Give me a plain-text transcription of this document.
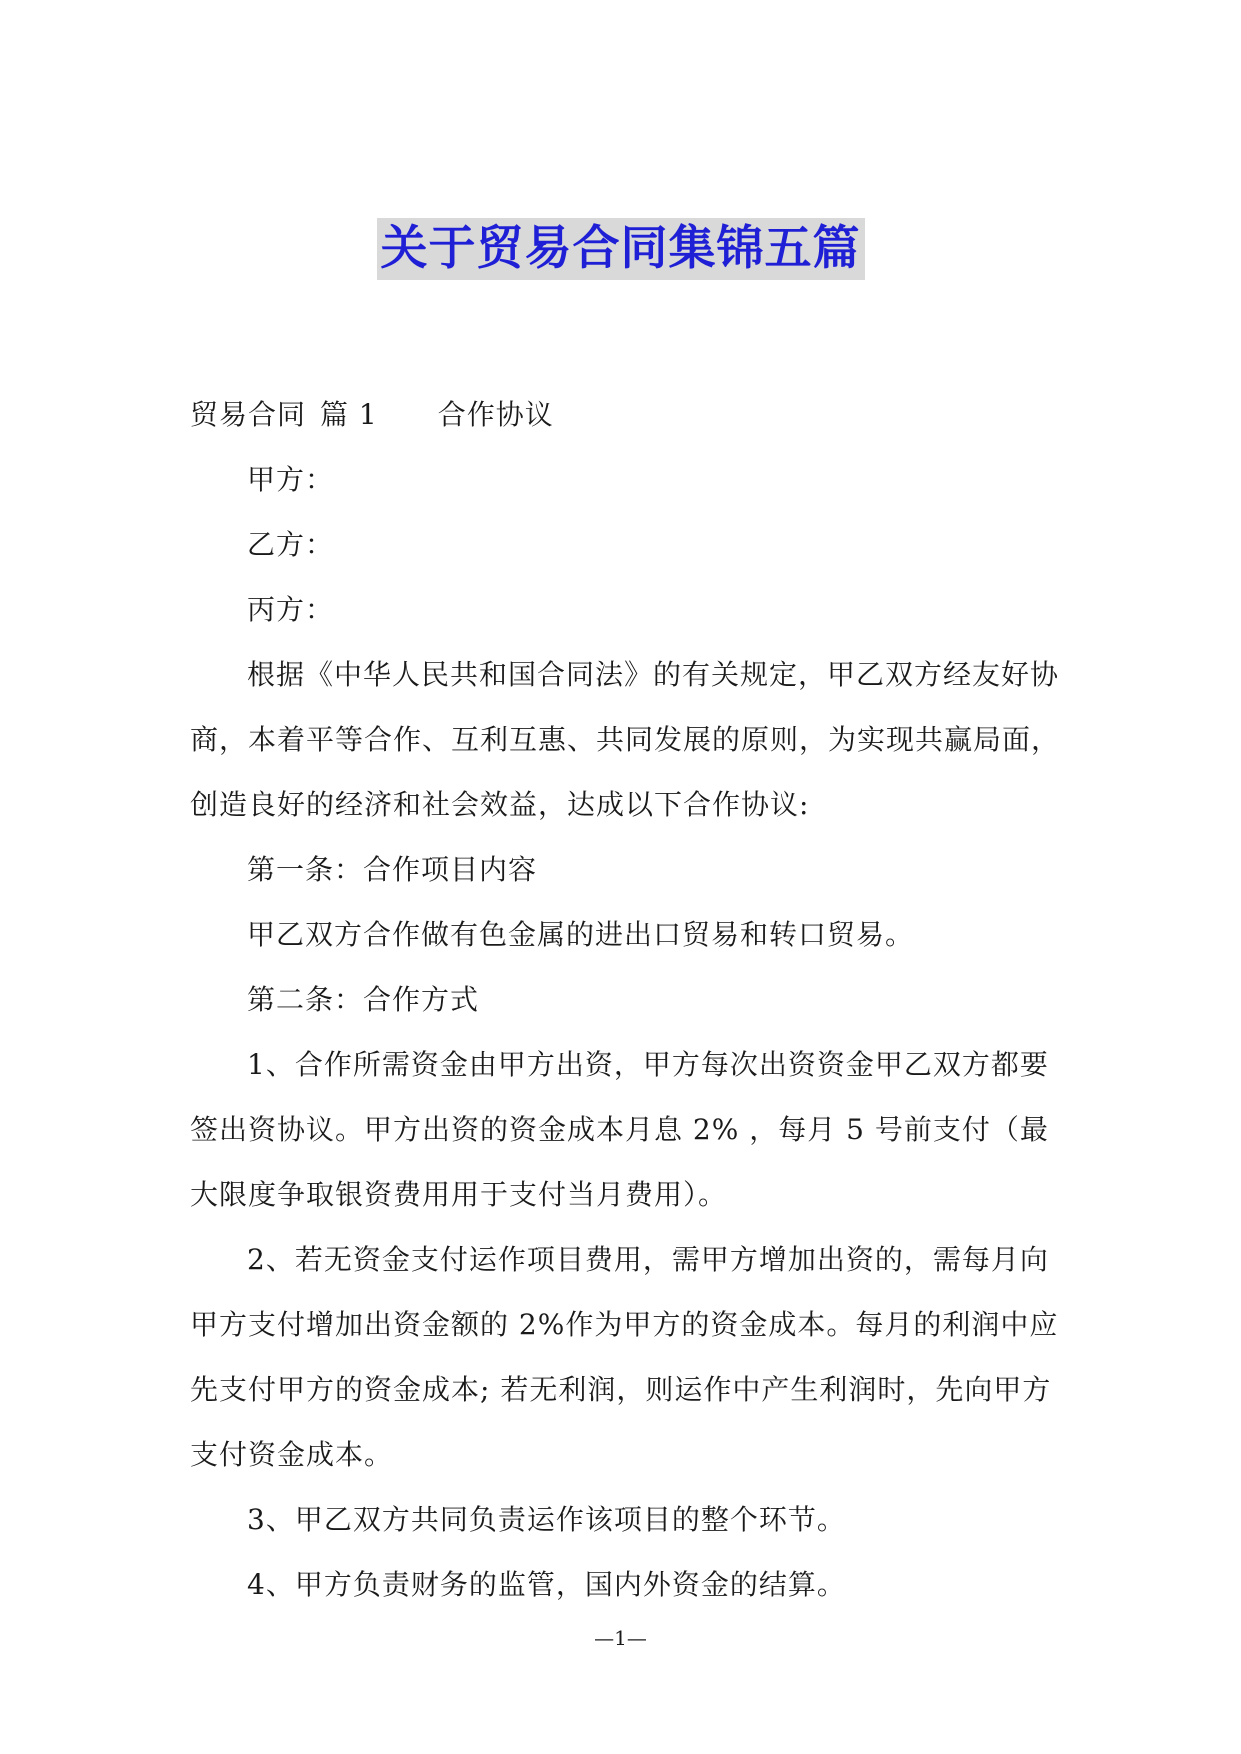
关于贸易合同集锦五篇
贸易合同 篇 1 合作协议
甲方：
乙方：
丙方：
根据《中华人民共和国合同法》的有关规定，甲乙双方经友好协
商，本着平等合作、互利互惠、共同发展的原则，为实现共赢局面，
创造良好的经济和社会效益，达成以下合作协议:
第一条：合作项目内容
甲乙双方合作做有色金属的进出口贸易和转口贸易。
第二条：合作方式
1、合作所需资金由甲方出资，甲方每次出资资金甲乙双方都要
签出资协议。甲方出资的资金成本月息 2% ，每月 5 号前支付（最
大限度争取银资费用用于支付当月费用）。
2、若无资金支付运作项目费用，需甲方增加出资的，需每月向
甲方支付增加出资金额的 2%作为甲方的资金成本。每月的利润中应
先支付甲方的资金成本; 若无利润，则运作中产生利润时，先向甲方
支付资金成本。
3、甲乙双方共同负责运作该项目的整个环节。
4、甲方负责财务的监管，国内外资金的结算。
—1—
